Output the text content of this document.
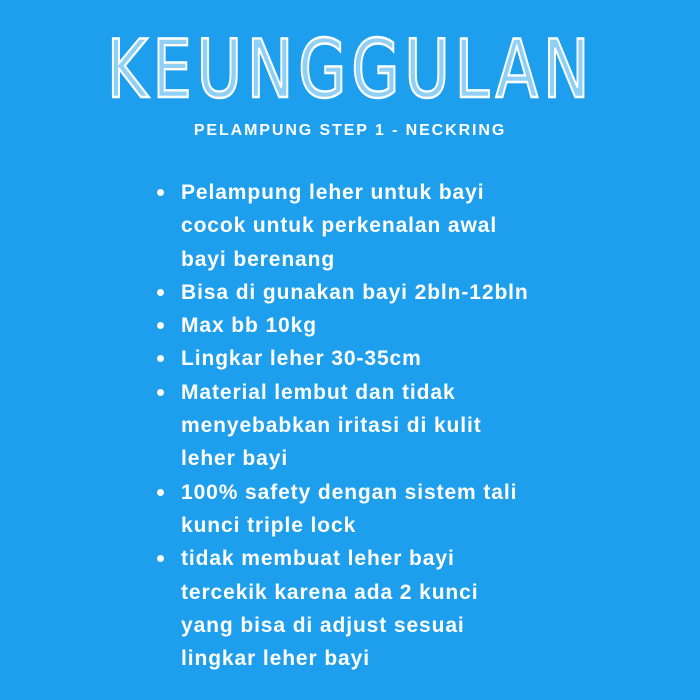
KEUNGGULAN
PELAMPUNG STEP 1 - NECKRING
Pelampung leher untuk bayi
cocok untuk perkenalan awal
bayi berenang
Bisa di gunakan bayi 2bln-12bln
Max bb 10kg
Lingkar leher 30-35cm
Material lembut dan tidak
menyebabkan iritasi di kulit
leher bayi
100% safety dengan sistem tali
kunci triple lock
tidak membuat leher bayi
tercekik karena ada 2 kunci
yang bisa di adjust sesuai
lingkar leher bayi
